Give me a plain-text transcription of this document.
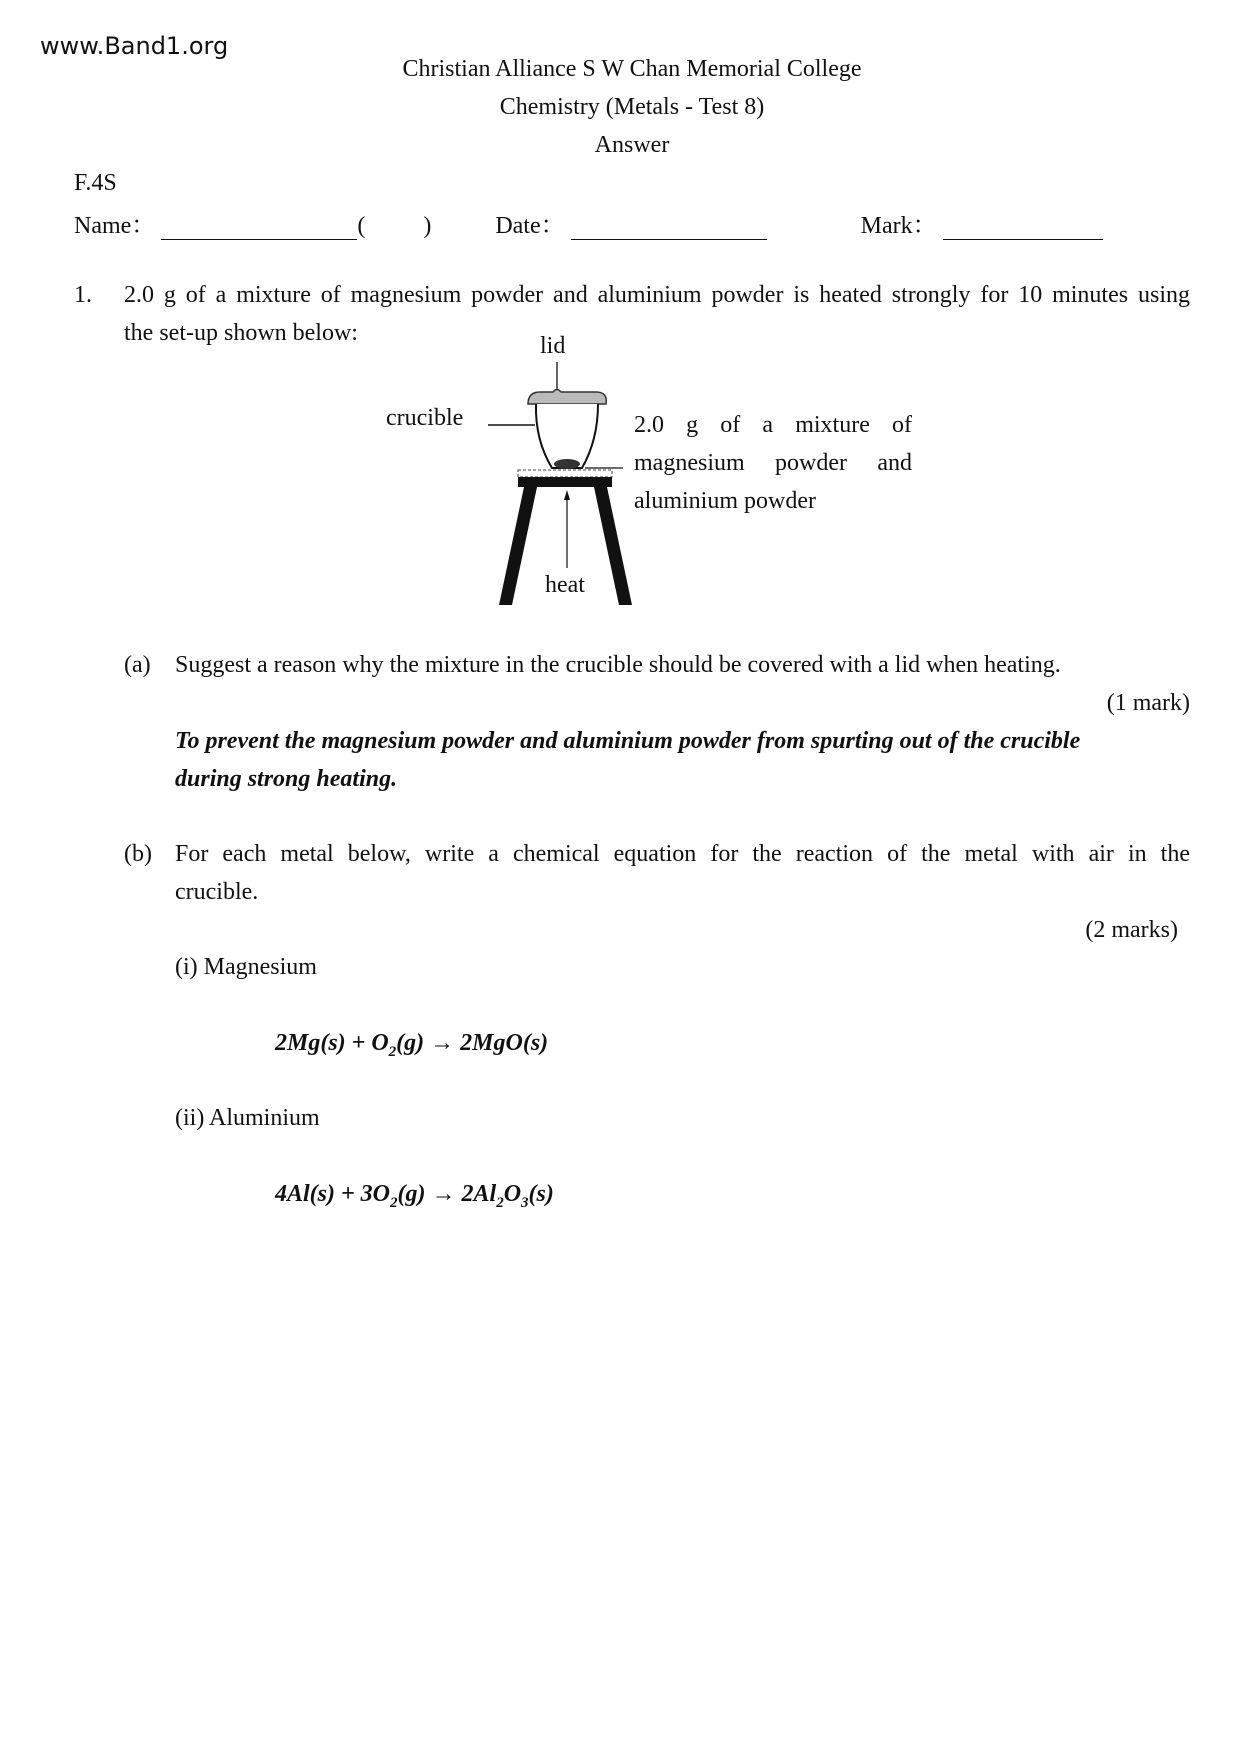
www.Band1.org
Christian Alliance S W Chan Memorial College
Chemistry (Metals - Test 8)
Answer
F.4S
Name：	( )	Date：	Mark：
1. 2.0 g of a mixture of magnesium powder and aluminium powder is heated strongly for 10 minutes using
the set-up shown below:	lid
crucible	2.0 g of a mixture of
magnesium powder and
aluminium powder
heat
(a) Suggest a reason why the mixture in the crucible should be covered with a lid when heating.
(1 mark)
To prevent the magnesium powder and aluminium powder from spurting out of the crucible
during strong heating.
(b) For each metal below, write a chemical equation for the reaction of the metal with air in the
crucible.
(2 marks)
(i) Magnesium
$2Mg(s) + O_2(g) \to 2MgO(s)$
(ii) Aluminium
$4Al(s) + 3O_2(g) \to 2Al_2O_3(s)$
